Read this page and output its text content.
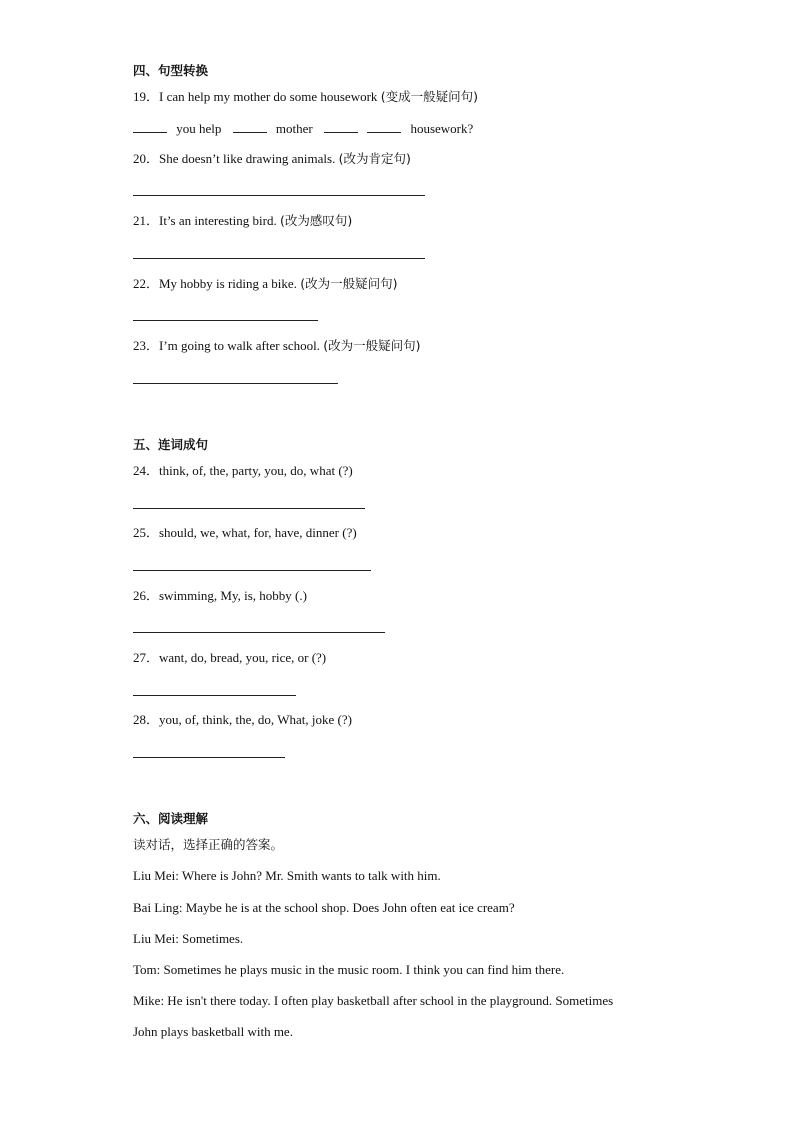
四、句型转换
19．I can help my mother do some housework (变成一般疑问句)
you help	mother	housework?
20．She doesn’t like drawing animals. (改为肯定句)
21．It’s an interesting bird. (改为感叹句)
22．My hobby is riding a bike. (改为一般疑问句)
23．I’m going to walk after school. (改为一般疑问句)
五、连词成句
24．think, of, the, party, you, do, what (?)
25．should, we, what, for, have, dinner (?)
26．swimming, My, is, hobby (.)
27．want, do, bread, you, rice, or (?)
28．you, of, think, the, do, What, joke (?)
六、阅读理解
读对话，选择正确的答案。
Liu Mei: Where is John? Mr. Smith wants to talk with him.
Bai Ling: Maybe he is at the school shop. Does John often eat ice cream?
Liu Mei: Sometimes.
Tom: Sometimes he plays music in the music room. I think you can find him there.
Mike: He isn't there today. I often play basketball after school in the playground. Sometimes
John plays basketball with me.
